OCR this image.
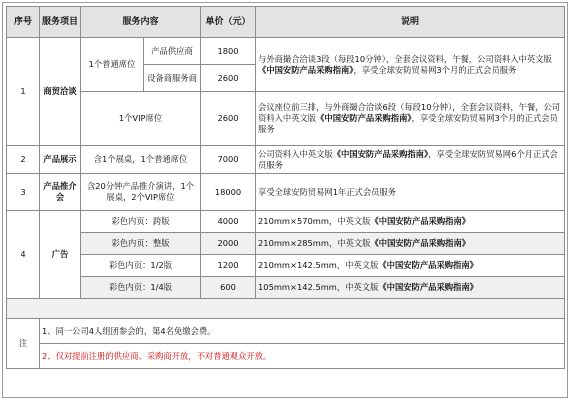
序号	服务项目	服务内容		单价（元）	说明
1	商贸洽谈	1个普通席位	产品供应商	1800	与外商撮合洽谈3段（每段10分钟），全套会议资料，午餐，公司资料入中英文版《中国安防产品采购指南》，享受全球安防贸易网3个月的正式会员服务
			设备商服务商	2600	
		1个VIP席位		2600	会议座位前三排，与外商撮合洽谈6段（每段10分钟），全套会议资料，午餐，公司资料入中英文版《中国安防产品采购指南》，享受全球安防贸易网3个月的正式会员服务
2	产品展示	含1个展桌，1个普通席位		7000	公司资料入中英文版《中国安防产品采购指南》，享受全球安防贸易网6个月正式会员服务
3	产品推介会	含20分钟产品推介演讲，1个展桌，2个VIP席位		18000	享受全球安防贸易网1年正式会员服务
4	广告	彩色内页：跨版		4000	210mm×570mm，中英文版《中国安防产品采购指南》
		彩色内页：整版		2000	210mm×285mm，中英文版《中国安防产品采购指南》
		彩色内页：1/2版		1200	210mm×142.5mm，中英文版《中国安防产品采购指南》
		彩色内页：1/4版		600	105mm×142.5mm，中英文版《中国安防产品采购指南》

注	1、同一公司4人组团参会的，第4名免缴会费。				
	2、仅对提前注册的供应商、采购商开放，不对普通观众开放。				
